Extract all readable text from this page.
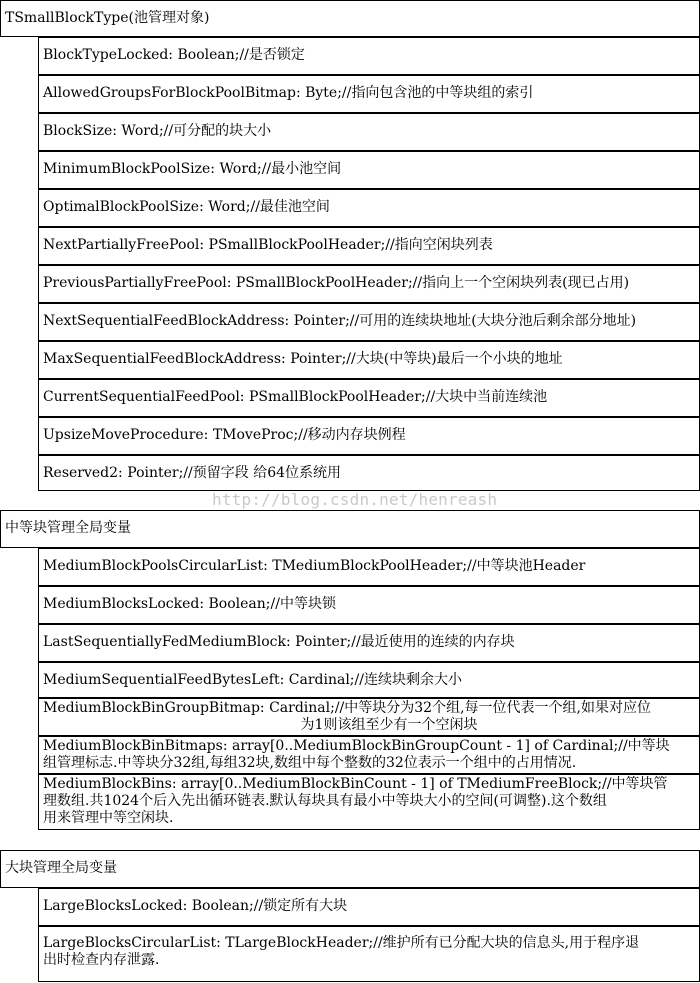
TSmallBlockType(池管理对象)
BlockTypeLocked: Boolean;//是否锁定
AllowedGroupsForBlockPoolBitmap: Byte;//指向包含池的中等块组的索引
BlockSize: Word;//可分配的块大小
MinimumBlockPoolSize: Word;//最小池空间
OptimalBlockPoolSize: Word;//最佳池空间
NextPartiallyFreePool: PSmallBlockPoolHeader;//指向空闲块列表
PreviousPartiallyFreePool: PSmallBlockPoolHeader;//指向上一个空闲块列表(现已占用)
NextSequentialFeedBlockAddress: Pointer;//可用的连续块地址(大块分池后剩余部分地址)
MaxSequentialFeedBlockAddress: Pointer;//大块(中等块)最后一个小块的地址
CurrentSequentialFeedPool: PSmallBlockPoolHeader;//大块中当前连续池
UpsizeMoveProcedure: TMoveProc;//移动内存块例程
Reserved2: Pointer;//预留字段 给64位系统用
http://blog.csdn.net/henreash
中等块管理全局变量
MediumBlockPoolsCircularList: TMediumBlockPoolHeader;//中等块池Header
MediumBlocksLocked: Boolean;//中等块锁
LastSequentiallyFedMediumBlock: Pointer;//最近使用的连续的内存块
MediumSequentialFeedBytesLeft: Cardinal;//连续块剩余大小
MediumBlockBinGroupBitmap: Cardinal;//中等块分为32个组,每一位代表一个组,如果对应位
为1则该组至少有一个空闲块
MediumBlockBinBitmaps: array[0..MediumBlockBinGroupCount - 1] of Cardinal;//中等块
组管理标志.中等块分32组,每组32块,数组中每个整数的32位表示一个组中的占用情况.
MediumBlockBins: array[0..MediumBlockBinCount - 1] of TMediumFreeBlock;//中等块管
理数组.共1024个后入先出循环链表.默认每块具有最小中等块大小的空间(可调整).这个数组
用来管理中等空闲块.
大块管理全局变量
LargeBlocksLocked: Boolean;//锁定所有大块
LargeBlocksCircularList: TLargeBlockHeader;//维护所有已分配大块的信息头,用于程序退
出时检查内存泄露.
